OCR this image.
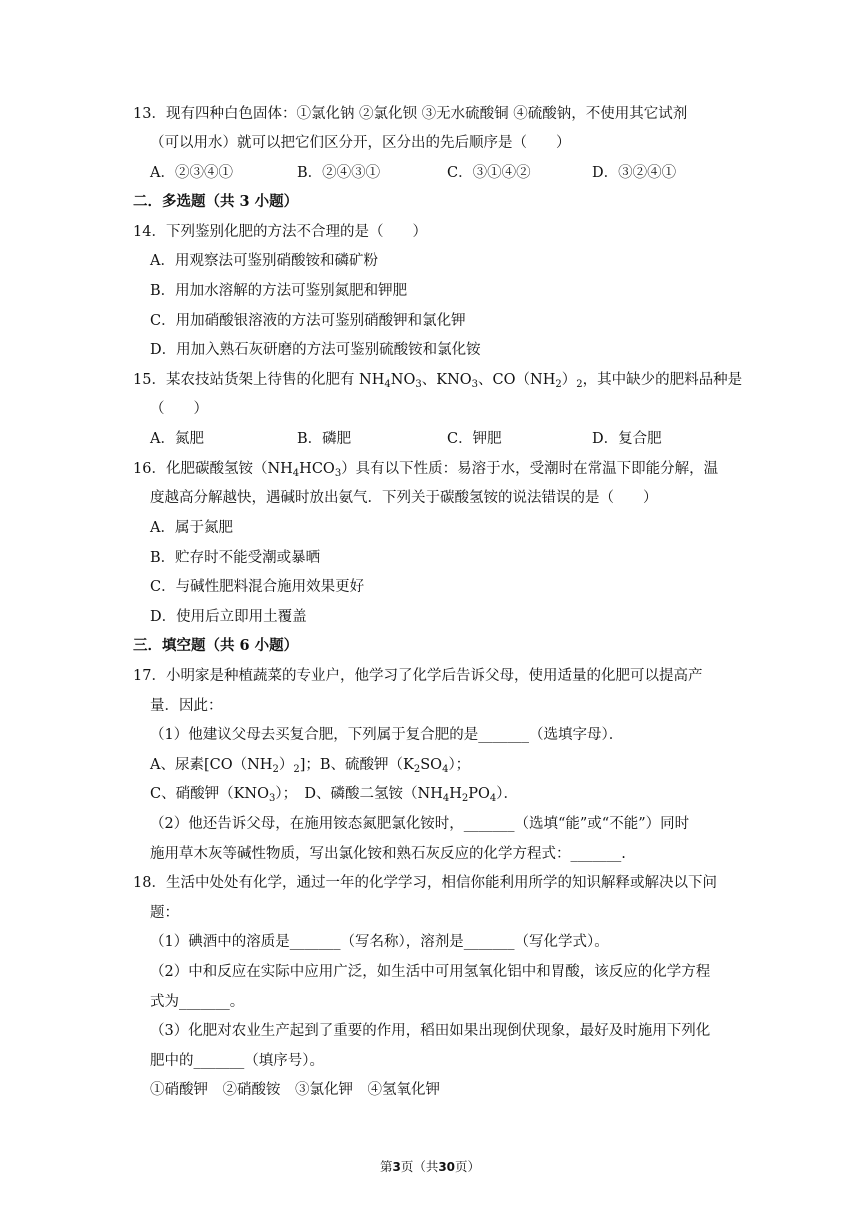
13．现有四种白色固体：①氯化钠 ②氯化钡 ③无水硫酸铜 ④硫酸钠，不使用其它试剂
（可以用水）就可以把它们区分开，区分出的先后顺序是（　　）
A．②③④①	B．②④③①	C．③①④②	D．③②④①
二．多选题（共 3 小题）
14．下列鉴别化肥的方法不合理的是（　　）
A．用观察法可鉴别硝酸铵和磷矿粉
B．用加水溶解的方法可鉴别氮肥和钾肥
C．用加硝酸银溶液的方法可鉴别硝酸钾和氯化钾
D．用加入熟石灰研磨的方法可鉴别硫酸铵和氯化铵
15．某农技站货架上待售的化肥有 $NH_4NO_3$、$KNO_3$、$CO(NH_2)_2$，其中缺少的肥料品种是
（　　）
A．氮肥	B．磷肥	C．钾肥	D．复合肥
16．化肥碳酸氢铵$(NH_4HCO_3)$具有以下性质：易溶于水，受潮时在常温下即能分解，温
度越高分解越快，遇碱时放出氨气．下列关于碳酸氢铵的说法错误的是（　　）
A．属于氮肥
B．贮存时不能受潮或暴晒
C．与碱性肥料混合施用效果更好
D．使用后立即用土覆盖
三．填空题（共 6 小题）
17．小明家是种植蔬菜的专业户，他学习了化学后告诉父母，使用适量的化肥可以提高产
量．因此：
（1）他建议父母去买复合肥，下列属于复合肥的是_______（选填字母）．
A、尿素$[CO(NH_2)_2]$；B、硫酸钾$(K_2SO_4)$；
C、硝酸钾$(KNO_3)$；　D、磷酸二氢铵$(NH_4H_2PO_4)$．
（2）他还告诉父母，在施用铵态氮肥氯化铵时，_______（选填“能”或“不能”）同时
施用草木灰等碱性物质，写出氯化铵和熟石灰反应的化学方程式：_______.
18．生活中处处有化学，通过一年的化学学习，相信你能利用所学的知识解释或解决以下问
题：
（1）碘酒中的溶质是_______（写名称），溶剂是_______（写化学式）。
（2）中和反应在实际中应用广泛，如生活中可用氢氧化铝中和胃酸，该反应的化学方程
式为_______。
（3）化肥对农业生产起到了重要的作用，稻田如果出现倒伏现象，最好及时施用下列化
肥中的_______（填序号）。
①硝酸钾　②硝酸铵　③氯化钾　④氢氧化钾
第3页（共30页）
